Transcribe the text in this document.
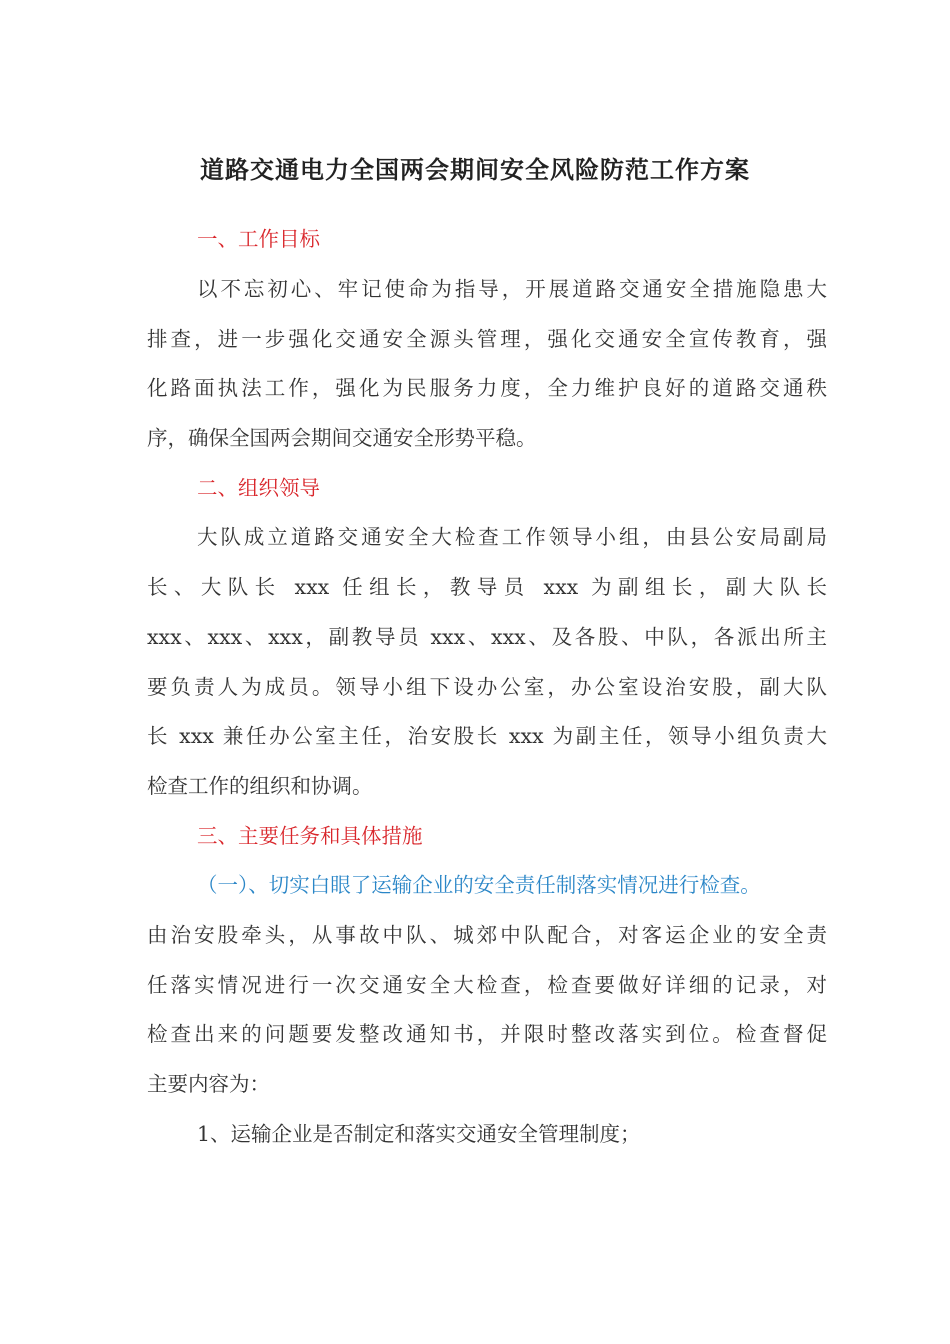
道路交通电力全国两会期间安全风险防范工作方案
一、工作目标
以不忘初心、牢记使命为指导，开展道路交通安全措施隐患大
排查，进一步强化交通安全源头管理，强化交通安全宣传教育，强
化路面执法工作，强化为民服务力度，全力维护良好的道路交通秩
序，确保全国两会期间交通安全形势平稳。
二、组织领导
大队成立道路交通安全大检查工作领导小组，由县公安局副局
长、大队长 xxx 任组长，教导员 xxx 为副组长，副大队长
xxx、xxx、xxx，副教导员 xxx、xxx、及各股、中队，各派出所主
要负责人为成员。领导小组下设办公室，办公室设治安股，副大队
长 xxx 兼任办公室主任，治安股长 xxx 为副主任，领导小组负责大
检查工作的组织和协调。
三、主要任务和具体措施
（一）、切实白眼了运输企业的安全责任制落实情况进行检查。
由治安股牵头，从事故中队、城郊中队配合，对客运企业的安全责
任落实情况进行一次交通安全大检查，检查要做好详细的记录，对
检查出来的问题要发整改通知书，并限时整改落实到位。检查督促
主要内容为：
1、运输企业是否制定和落实交通安全管理制度；
